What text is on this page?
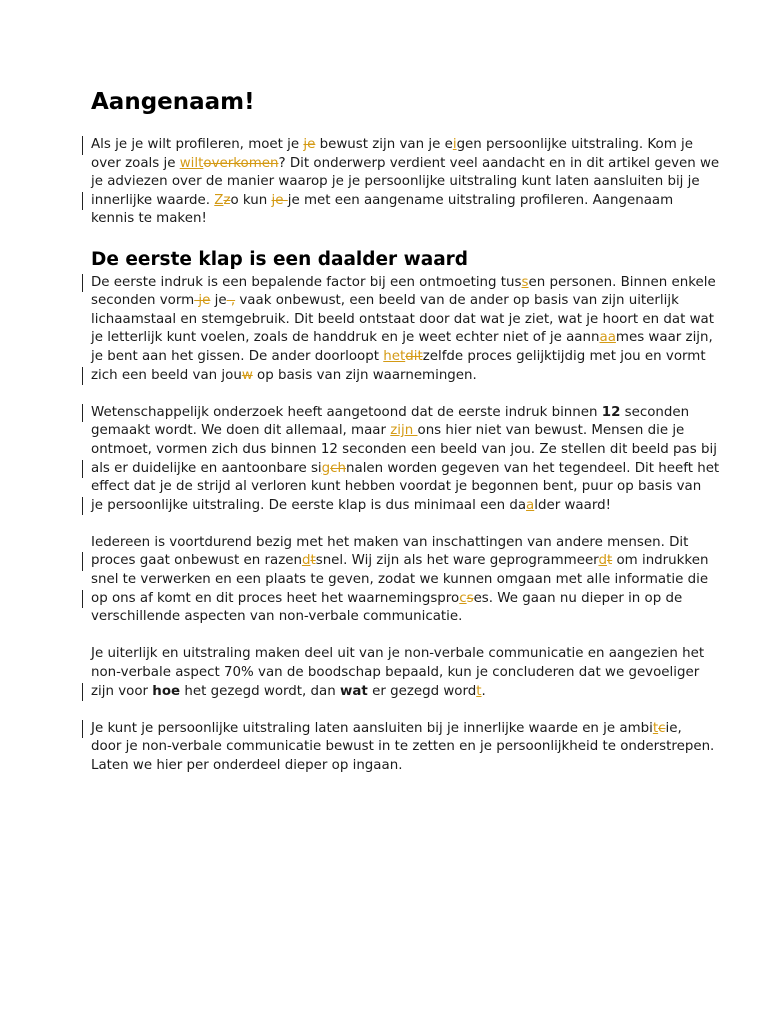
Aangenaam!
Als je je wilt profileren, moet je je bewust zijn van je eigen persoonlijke uitstraling. Kom je
over zoals je wiltoverkomen? Dit onderwerp verdient veel aandacht en in dit artikel geven we
je adviezen over de manier waarop je je persoonlijke uitstraling kunt laten aansluiten bij je
innerlijke waarde. Zzo kun je je met een aangename uitstraling profileren. Aangenaam
kennis te maken!
De eerste klap is een daalder waard
De eerste indruk is een bepalende factor bij een ontmoeting tussen personen. Binnen enkele
seconden vorm je je , vaak onbewust, een beeld van de ander op basis van zijn uiterlijk
lichaamstaal en stemgebruik. Dit beeld ontstaat door dat wat je ziet, wat je hoort en dat wat
je letterlijk kunt voelen, zoals de handdruk en je weet echter niet of je aannaames waar zijn,
je bent aan het gissen. De ander doorloopt hetditzelfde proces gelijktijdig met jou en vormt
zich een beeld van jouw op basis van zijn waarnemingen.
Wetenschappelijk onderzoek heeft aangetoond dat de eerste indruk binnen 12 seconden
gemaakt wordt. We doen dit allemaal, maar zijn ons hier niet van bewust. Mensen die je
ontmoet, vormen zich dus binnen 12 seconden een beeld van jou. Ze stellen dit beeld pas bij
als er duidelijke en aantoonbare sigchnalen worden gegeven van het tegendeel. Dit heeft het
effect dat je de strijd al verloren kunt hebben voordat je begonnen bent, puur op basis van
je persoonlijke uitstraling. De eerste klap is dus minimaal een daalder waard!
Iedereen is voortdurend bezig met het maken van inschattingen van andere mensen. Dit
proces gaat onbewust en razendtsnel. Wij zijn als het ware geprogrammeerdt om indrukken
snel te verwerken en een plaats te geven, zodat we kunnen omgaan met alle informatie die
op ons af komt en dit proces heet het waarnemingsprocses. We gaan nu dieper in op de
verschillende aspecten van non-verbale communicatie.
Je uiterlijk en uitstraling maken deel uit van je non-verbale communicatie en aangezien het
non-verbale aspect 70% van de boodschap bepaald, kun je concluderen dat we gevoeliger
zijn voor hoe het gezegd wordt, dan wat er gezegd wordt.
Je kunt je persoonlijke uitstraling laten aansluiten bij je innerlijke waarde en je ambitcie,
door je non-verbale communicatie bewust in te zetten en je persoonlijkheid te onderstrepen.
Laten we hier per onderdeel dieper op ingaan.
